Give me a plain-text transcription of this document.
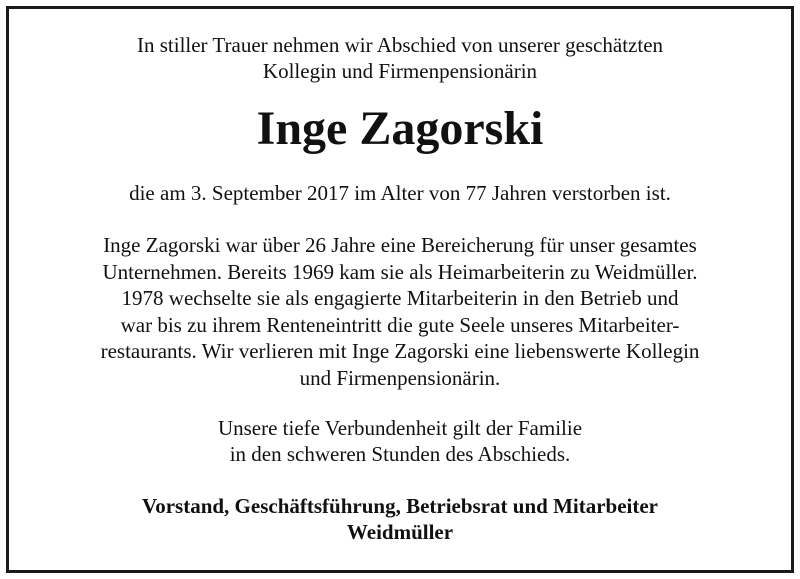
In stiller Trauer nehmen wir Abschied von unserer geschätzten
Kollegin und Firmenpensionärin
Inge Zagorski
die am 3. September 2017 im Alter von 77 Jahren verstorben ist.
Inge Zagorski war über 26 Jahre eine Bereicherung für unser gesamtes
Unternehmen. Bereits 1969 kam sie als Heimarbeiterin zu Weidmüller.
1978 wechselte sie als engagierte Mitarbeiterin in den Betrieb und
war bis zu ihrem Renteneintritt die gute Seele unseres Mitarbeiter-
restaurants. Wir verlieren mit Inge Zagorski eine liebenswerte Kollegin
und Firmenpensionärin.
Unsere tiefe Verbundenheit gilt der Familie
in den schweren Stunden des Abschieds.
Vorstand, Geschäftsführung, Betriebsrat und Mitarbeiter
Weidmüller
